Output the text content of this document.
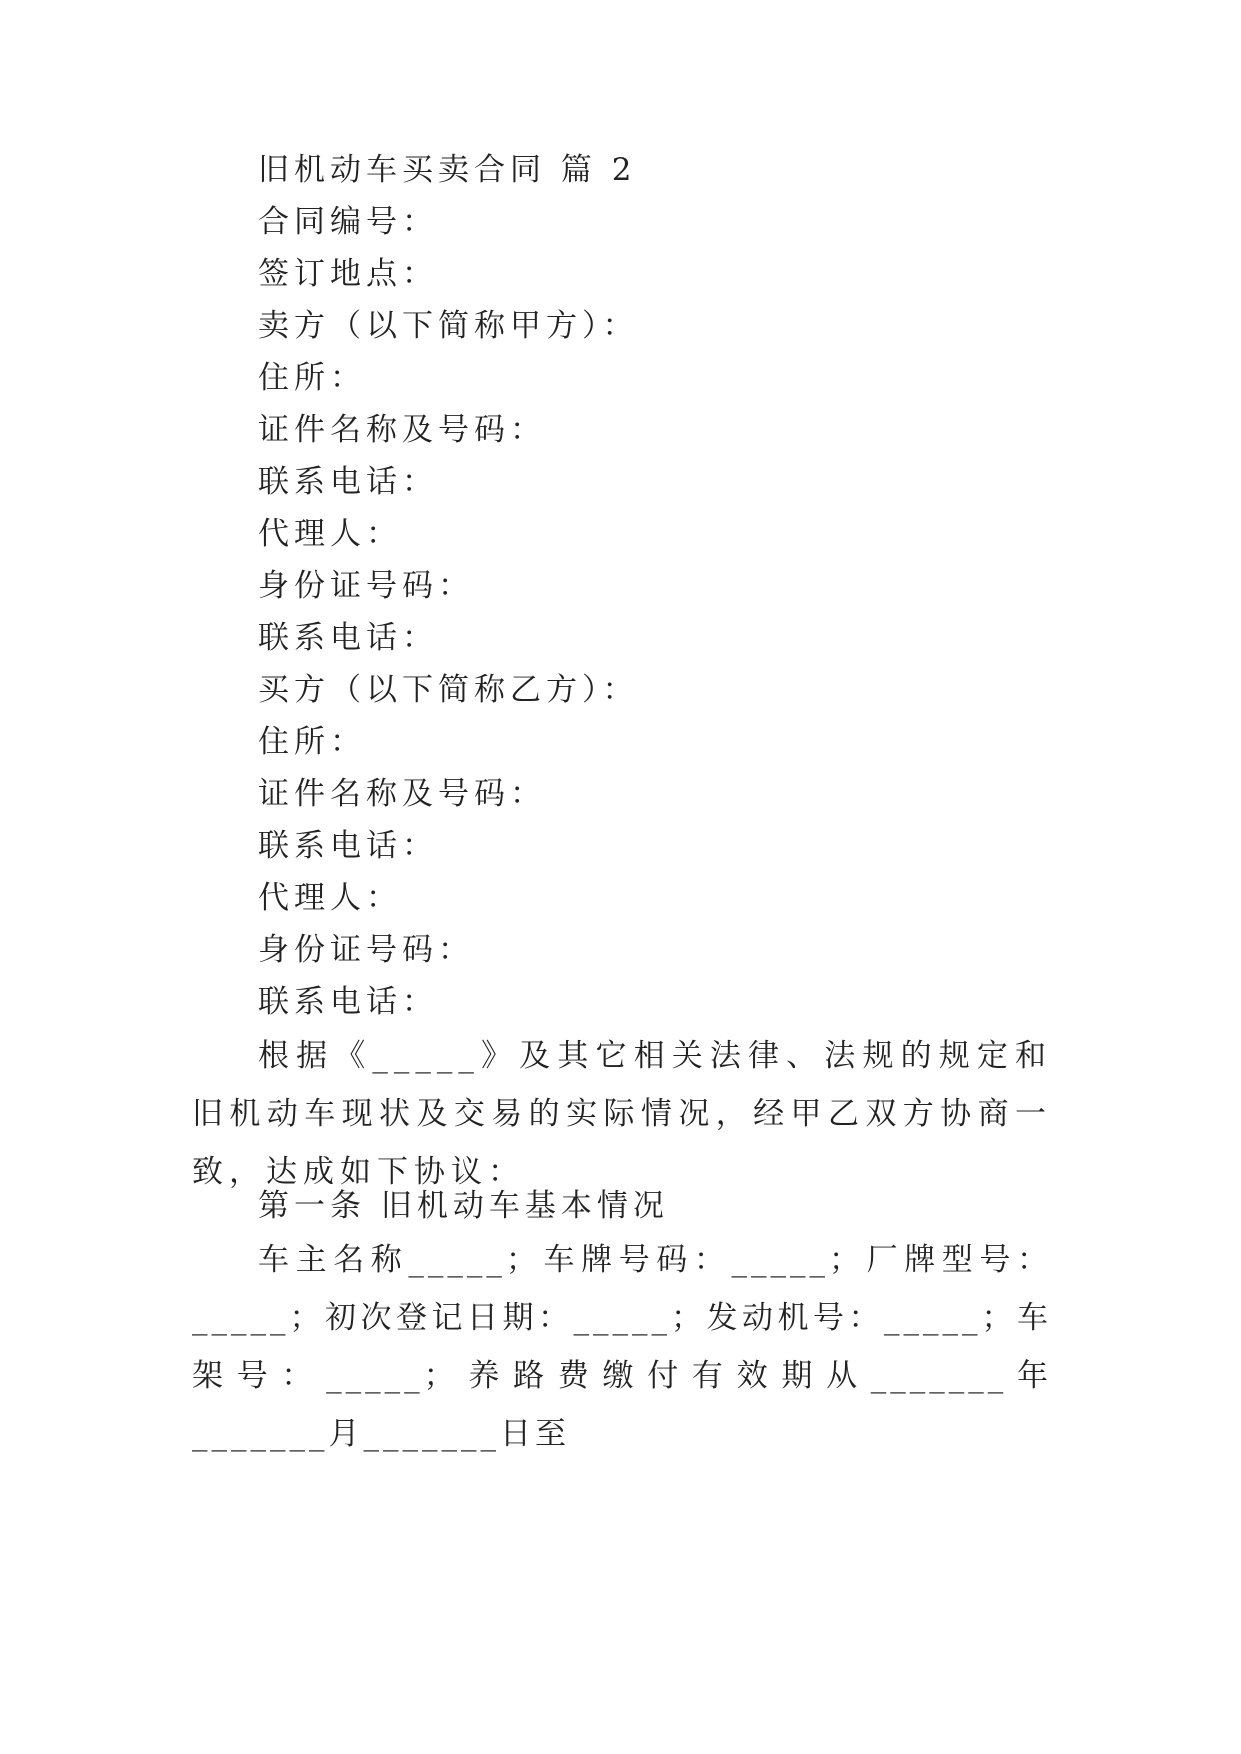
旧机动车买卖合同 篇 2
合同编号：
签订地点：
卖方（以下简称甲方）：
住所：
证件名称及号码：
联系电话：
代理人：
身份证号码：
联系电话：
买方（以下简称乙方）：
住所：
证件名称及号码：
联系电话：
代理人：
身份证号码：
联系电话：
根据《_____》及其它相关法律、法规的规定和旧机动车现状及交易的实际情况，经甲乙双方协商一致，达成如下协议：
第一条 旧机动车基本情况
车主名称_____；车牌号码：_____；厂牌型号：_____；初次登记日期：_____；发动机号：_____；车架号：_____；养路费缴付有效期从_______年_______月_______日至
